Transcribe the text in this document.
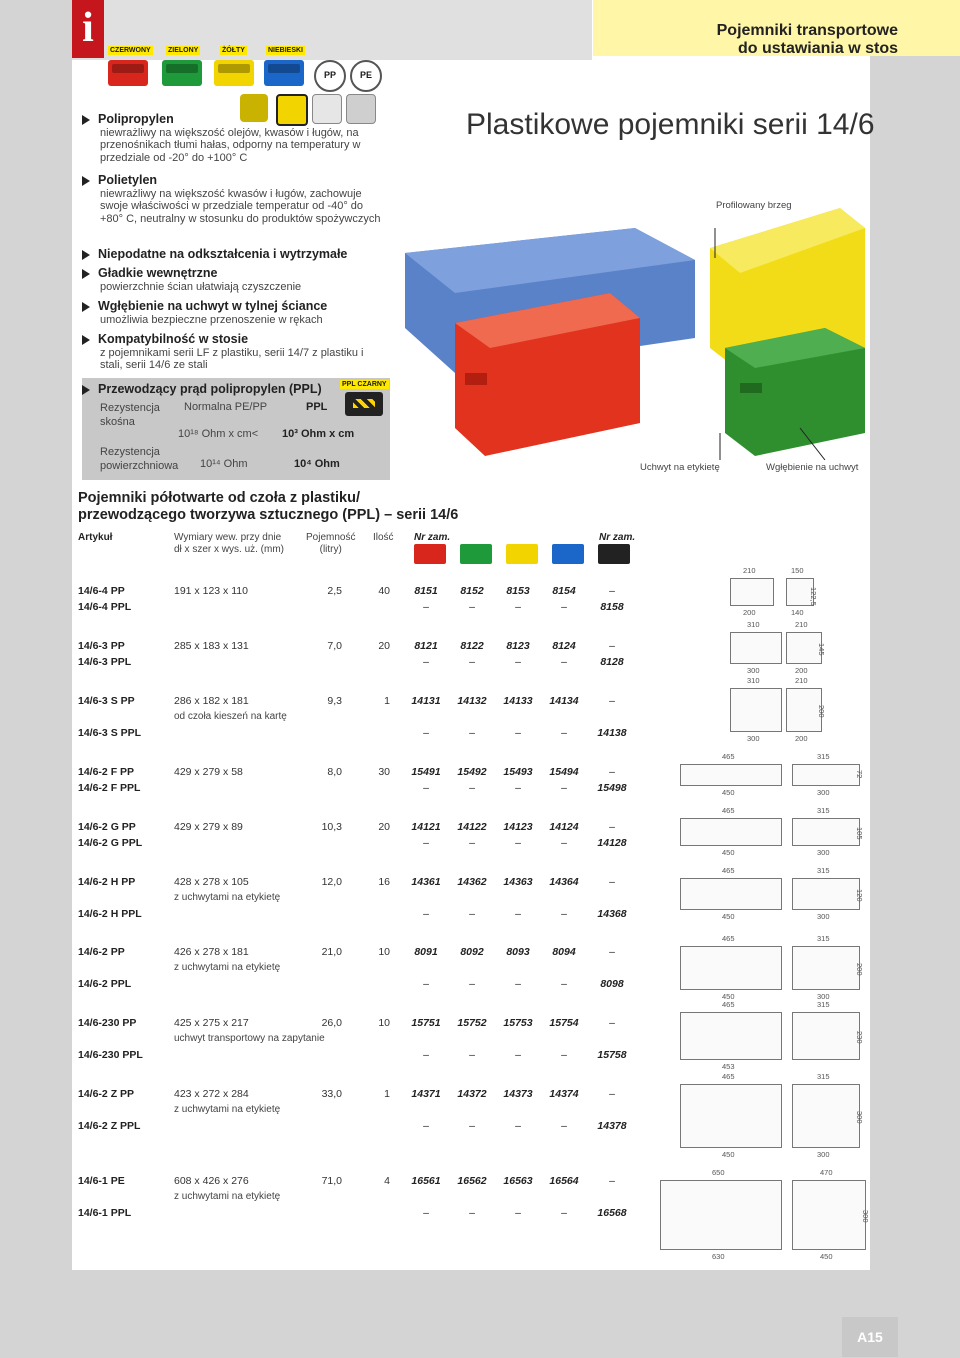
i	Pojemniki transportowe
do ustawiania w stos
CZERWONY ZIELONY	ŻÓŁTY	NIEBIESKI
PP	PE
Polipropylen
niewrażliwy na większość olejów, kwasów i ługów, na przenośnikach tłumi hałas, odporny na temperatury w przedziale od -20° do +100° C
Polietylen
niewrażliwy na większość kwasów i ługów, zachowuje swoje właściwości w przedziale temperatur od -40° do +80° C, neutralny w stosunku do produktów spożywczych
Niepodatne na odkształcenia i wytrzymałe
Gładkie wewnętrzne
powierzchnie ścian ułatwiają czyszczenie
Wgłębienie na uchwyt w tylnej ściance
umożliwia bezpieczne przenoszenie w rękach
Kompatybilność w stosie
z pojemnikami serii LF z plastiku, serii 14/7 z plastiku i stali, serii 14/6 ze stali
Przewodzący prąd polipropylen (PPL)	PPL CZARNY
Rezystencja skośna
Normalna PE/PP	PPL
10¹⁸ Ohm x cm< 10³ Ohm x cm
Rezystencja powierzchniowa 10¹⁴ Ohm	10⁴ Ohm
Plastikowe pojemniki serii 14/6
Profilowany brzeg
Uchwyt na etykietę	Wgłębienie na uchwyt
Pojemniki półotwarte od czoła z plastiku/
przewodzącego tworzywa sztucznego (PPL) – serii 14/6
Artykuł	Wymiary wew. przy dnie
dł x szer x wys. uż. (mm)
Pojemność
(litry)
Ilość Nr zam.	Nr zam.
14/6-4 PP	191 x 123 x 110	2,5	40	8151	8152	8153	8154	–
14/6-4 PPL	–	–	–	–	8158
14/6-3 PP	285 x 183 x 131	7,0	20	8121	8122	8123	8124	–
14/6-3 PPL	–	–	–	–	8128
14/6-3 S PP	286 x 182 x 181	9,3	1	14131	14132	14133	14134	–
od czoła kieszeń na kartę
14/6-3 S PPL	–	–	–	–	14138
14/6-2 F PP	429 x 279 x 58	8,0	30	15491	15492	15493	15494	–
14/6-2 F PPL	–	–	–	–	15498
14/6-2 G PP	429 x 279 x 89	10,3	20	14121	14122	14123	14124	–
14/6-2 G PPL	–	–	–	–	14128
14/6-2 H PP	428 x 278 x 105	12,0	16	14361	14362	14363	14364	–
z uchwytami na etykietę
14/6-2 H PPL	–	–	–	–	14368
14/6-2 PP	426 x 278 x 181	21,0	10	8091	8092	8093	8094	–
z uchwytami na etykietę
14/6-2 PPL	–	–	–	–	8098
14/6-230 PP	425 x 275 x 217	26,0	10	15751	15752	15753	15754	–
uchwyt transportowy na zapytanie
14/6-230 PPL	–	–	–	–	15758
14/6-2 Z PP	423 x 272 x 284	33,0	1	14371	14372	14373	14374	–
z uchwytami na etykietę
14/6-2 Z PPL	–	–	–	–	14378
14/6-1 PE	608 x 426 x 276	71,0	4	16561	16562	16563	16564	–
z uchwytami na etykietę
14/6-1 PPL	–	–	–	–	16568
210	150
200	140
122,5
310	210
300	200
145
310	210
300	200
200
465	315
450	300
72
465	315
450	300
105
465	315
450	300
120
465	315
450	300
200
465	315
453
230
465	315
450	300
300
650	470
630	450
300
A15
